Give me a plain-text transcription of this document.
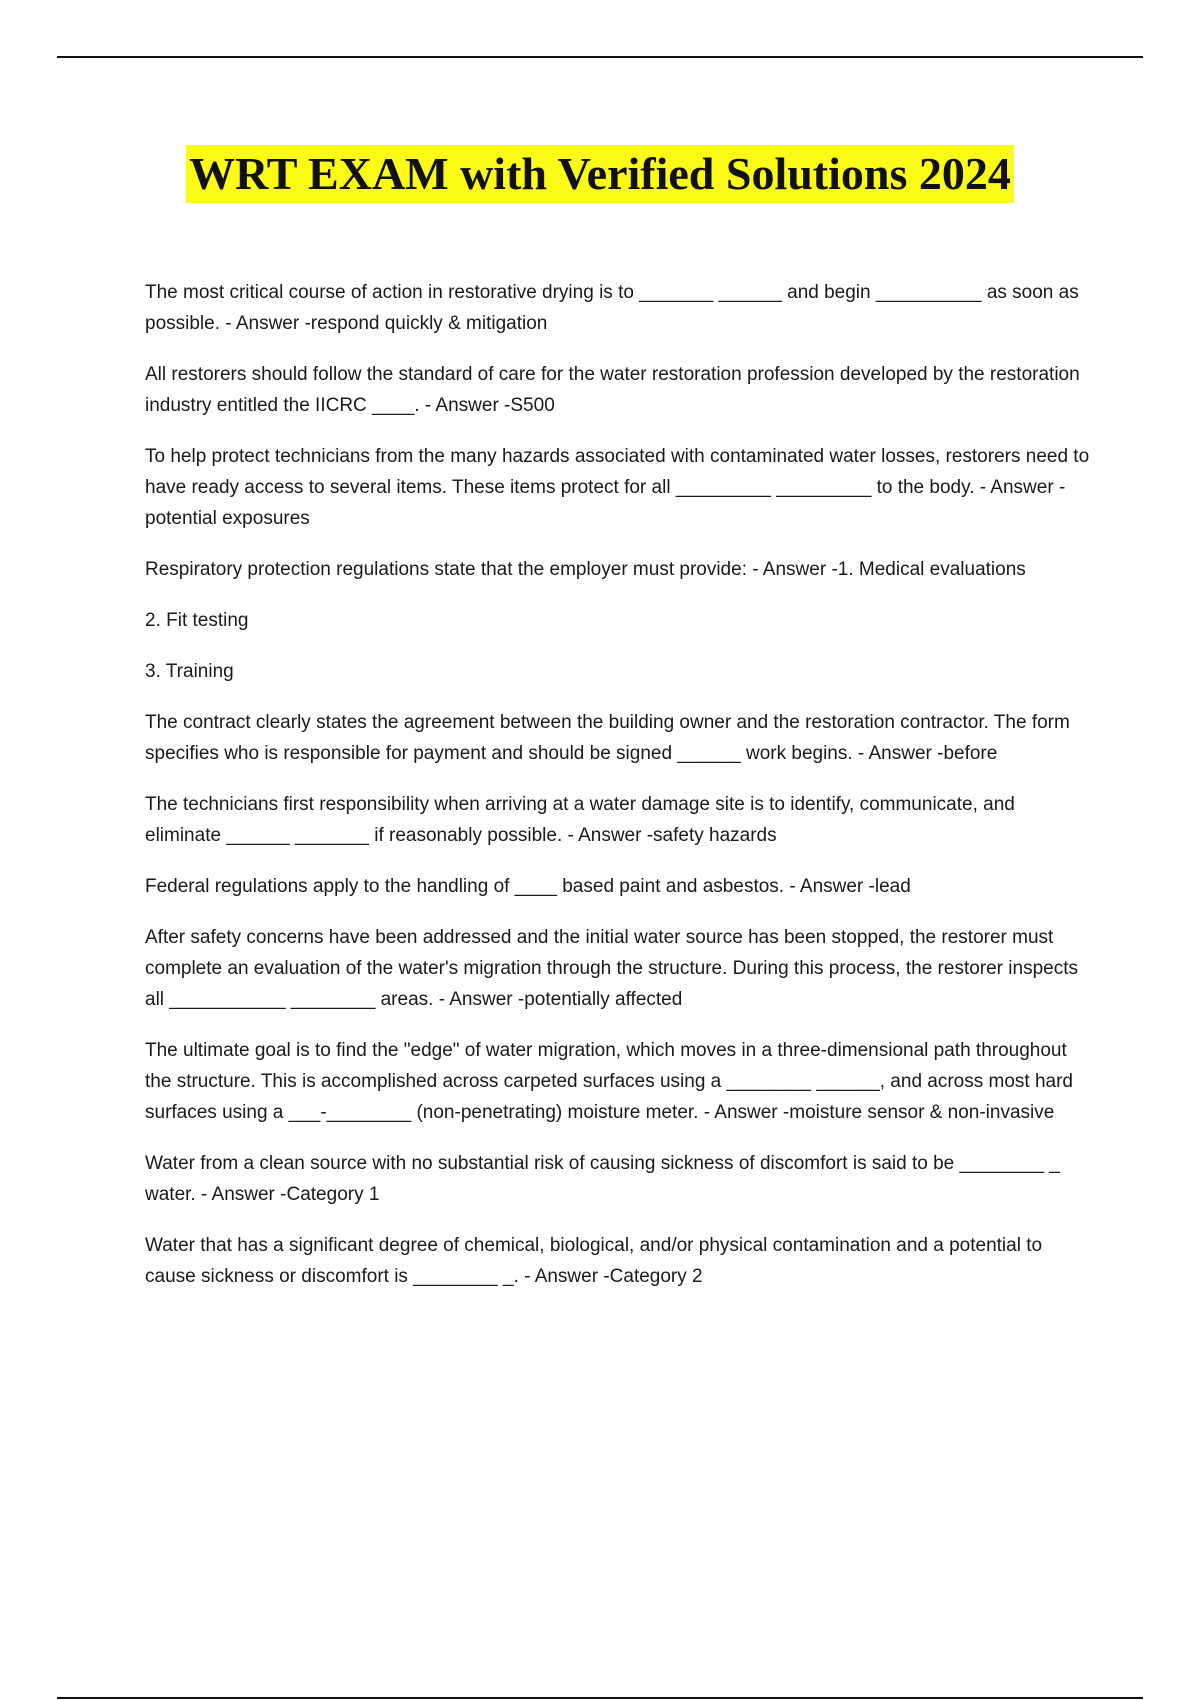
WRT EXAM with Verified Solutions 2024

The most critical course of action in restorative drying is to _______ ______ and begin __________ as soon as possible. - Answer -respond quickly & mitigation

All restorers should follow the standard of care for the water restoration profession developed by the restoration industry entitled the IICRC ____. - Answer -S500

To help protect technicians from the many hazards associated with contaminated water losses, restorers need to have ready access to several items. These items protect for all _________ _________ to the body. - Answer -potential exposures

Respiratory protection regulations state that the employer must provide: - Answer -1. Medical evaluations

2. Fit testing

3. Training

The contract clearly states the agreement between the building owner and the restoration contractor. The form specifies who is responsible for payment and should be signed ______ work begins. - Answer -before

The technicians first responsibility when arriving at a water damage site is to identify, communicate, and eliminate ______ _______ if reasonably possible. - Answer -safety hazards

Federal regulations apply to the handling of ____ based paint and asbestos. - Answer -lead

After safety concerns have been addressed and the initial water source has been stopped, the restorer must complete an evaluation of the water's migration through the structure. During this process, the restorer inspects all ___________ ________ areas. - Answer -potentially affected

The ultimate goal is to find the "edge" of water migration, which moves in a three-dimensional path throughout the structure. This is accomplished across carpeted surfaces using a ________ ______, and across most hard surfaces using a ___-________ (non-penetrating) moisture meter. - Answer -moisture sensor & non-invasive

Water from a clean source with no substantial risk of causing sickness of discomfort is said to be ________ _ water. - Answer -Category 1

Water that has a significant degree of chemical, biological, and/or physical contamination and a potential to cause sickness or discomfort is ________ _. - Answer -Category 2
